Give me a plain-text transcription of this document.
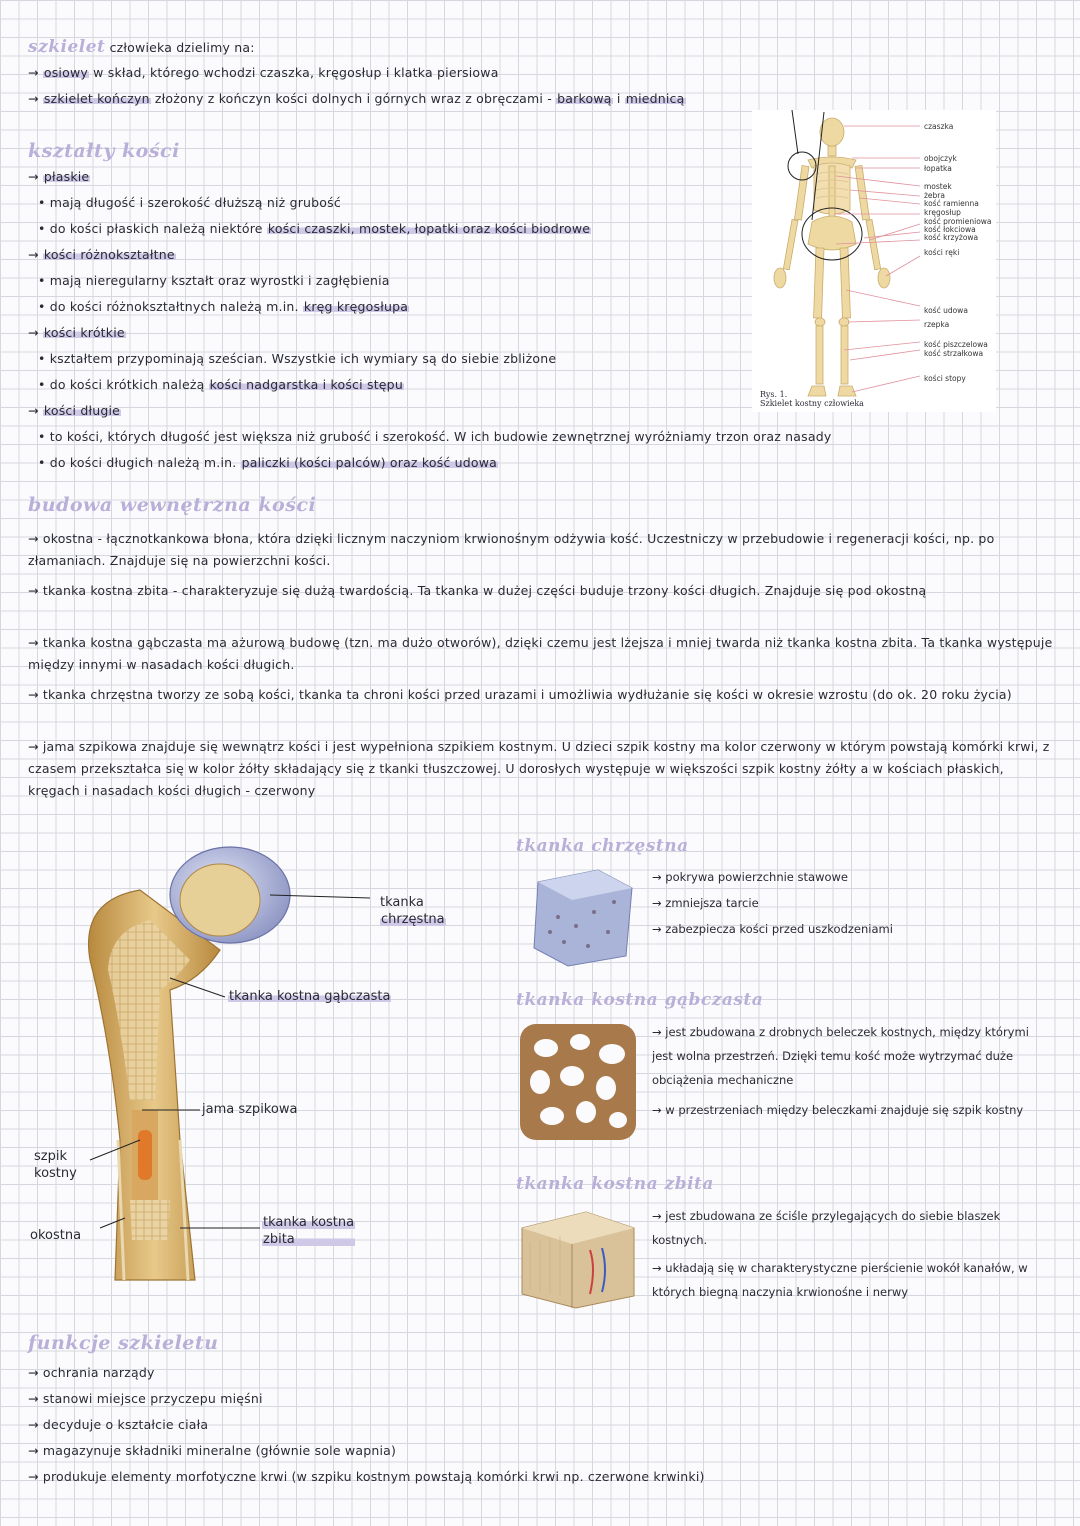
szkielet człowieka dzielimy na:
→ osiowy w skład, którego wchodzi czaszka, kręgosłup i klatka piersiowa
→ szkielet kończyn złożony z kończyn kości dolnych i górnych wraz z obręczami - barkową i miednicą
kształty kości
→ płaskie
• mają długość i szerokość dłuższą niż grubość
• do kości płaskich należą niektóre kości czaszki, mostek, łopatki oraz kości biodrowe
→ kości różnokształtne
• mają nieregularny kształt oraz wyrostki i zagłębienia
• do kości różnokształtnych należą m.in. kręg kręgosłupa
→ kości krótkie
• kształtem przypominają sześcian. Wszystkie ich wymiary są do siebie zbliżone
• do kości krótkich należą kości nadgarstka i kości stępu
→ kości długie
• to kości, których długość jest większa niż grubość i szerokość. W ich budowie zewnętrznej wyróżniamy trzon oraz nasady
• do kości długich należą m.in. paliczki (kości palców) oraz kość udowa
Rys. 1.
Szkielet kostny człowieka
czaszka
obojczyk
łopatka
mostek
żebra
kość ramienna
kręgosłup
kość promieniowa
kość łokciowa
kość krzyżowa
kości ręki
kość udowa
rzepka
kość piszczelowa
kość strzałkowa
kości stopy
budowa wewnętrzna kości
→ okostna - łącznotkankowa błona, która dzięki licznym naczyniom krwionośnym odżywia kość. Uczestniczy w przebudowie i regeneracji kości, np. po złamaniach. Znajduje się na powierzchni kości.
→ tkanka kostna zbita - charakteryzuje się dużą twardością. Ta tkanka w dużej części buduje trzony kości długich. Znajduje się pod okostną
→ tkanka kostna gąbczasta ma ażurową budowę (tzn. ma dużo otworów), dzięki czemu jest lżejsza i mniej twarda niż tkanka kostna zbita. Ta tkanka występuje między innymi w nasadach kości długich.
→ tkanka chrzęstna tworzy ze sobą kości, tkanka ta chroni kości przed urazami i umożliwia wydłużanie się kości w okresie wzrostu (do ok. 20 roku życia)
→ jama szpikowa znajduje się wewnątrz kości i jest wypełniona szpikiem kostnym. U dzieci szpik kostny ma kolor czerwony w którym powstają komórki krwi, z czasem przekształca się w kolor żółty składający się z tkanki tłuszczowej. U dorosłych występuje w większości szpik kostny żółty a w kościach płaskich, kręgach i nasadach kości długich - czerwony
tkanka
chrzęstna
tkanka kostna gąbczasta
jama szpikowa
szpik
kostny
okostna
tkanka kostna
zbita
tkanka chrzęstna
→ pokrywa powierzchnie stawowe
→ zmniejsza tarcie
→ zabezpiecza kości przed uszkodzeniami
tkanka kostna gąbczasta
→ jest zbudowana z drobnych beleczek kostnych, między którymi jest wolna przestrzeń. Dzięki temu kość może wytrzymać duże obciążenia mechaniczne
→ w przestrzeniach między beleczkami znajduje się szpik kostny
tkanka kostna zbita
→ jest zbudowana ze ściśle przylegających do siebie blaszek kostnych.
→ układają się w charakterystyczne pierścienie wokół kanałów, w których biegną naczynia krwionośne i nerwy
funkcje szkieletu
→ ochrania narządy
→ stanowi miejsce przyczepu mięśni
→ decyduje o kształcie ciała
→ magazynuje składniki mineralne (głównie sole wapnia)
→ produkuje elementy morfotyczne krwi (w szpiku kostnym powstają komórki krwi np. czerwone krwinki)
